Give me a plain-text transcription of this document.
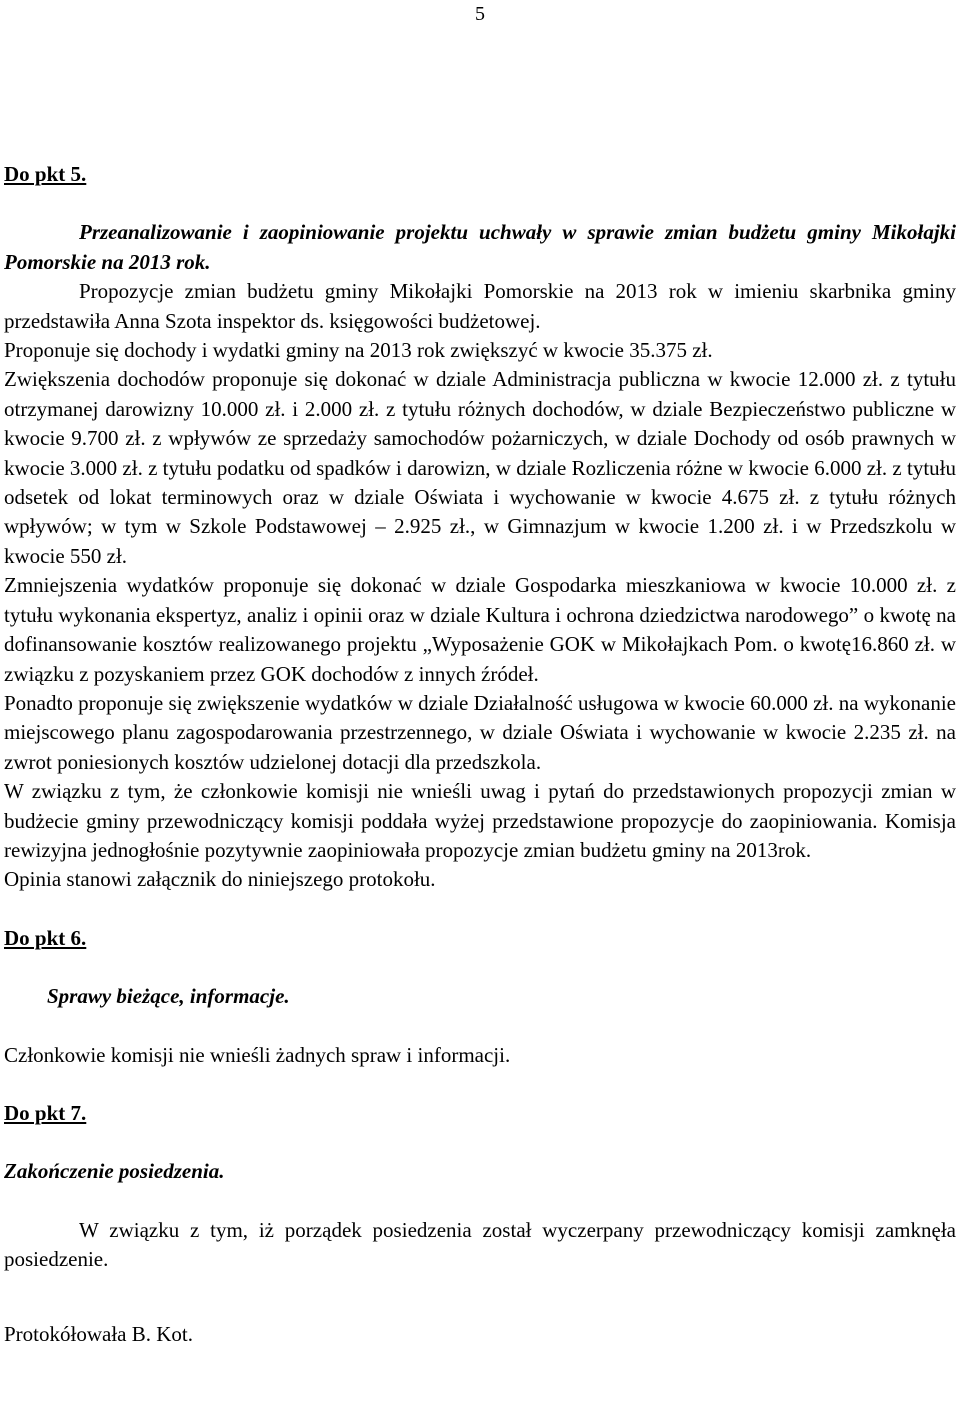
5

Do pkt 5.

Przeanalizowanie i zaopiniowanie projektu uchwały w sprawie zmian budżetu gminy Mikołajki Pomorskie na 2013 rok.

Propozycje zmian budżetu gminy Mikołajki Pomorskie na 2013 rok w imieniu skarbnika gminy przedstawiła Anna Szota inspektor ds. księgowości budżetowej.

Proponuje się dochody i wydatki gminy na 2013 rok zwiększyć w kwocie 35.375 zł.

Zwiększenia dochodów proponuje się dokonać w dziale Administracja publiczna w kwocie 12.000 zł. z tytułu otrzymanej darowizny 10.000 zł. i 2.000 zł. z tytułu różnych dochodów, w dziale Bezpieczeństwo publiczne w kwocie 9.700 zł. z wpływów ze sprzedaży samochodów pożarniczych, w dziale Dochody od osób prawnych w kwocie 3.000 zł. z tytułu podatku od spadków i darowizn, w dziale Rozliczenia różne w kwocie 6.000 zł. z tytułu odsetek od lokat terminowych oraz w dziale Oświata i wychowanie w kwocie 4.675 zł. z tytułu różnych wpływów; w tym w Szkole Podstawowej – 2.925 zł., w Gimnazjum w kwocie 1.200 zł. i w Przedszkolu w kwocie 550 zł.

Zmniejszenia wydatków proponuje się dokonać w dziale Gospodarka mieszkaniowa w kwocie 10.000 zł. z tytułu wykonania ekspertyz, analiz i opinii oraz w dziale Kultura i ochrona dziedzictwa narodowego” o kwotę na dofinansowanie kosztów realizowanego projektu „Wyposażenie GOK w Mikołajkach Pom. o kwotę16.860 zł. w związku z pozyskaniem przez GOK dochodów z innych źródeł.

Ponadto proponuje się zwiększenie wydatków w dziale Działalność usługowa w kwocie 60.000 zł. na wykonanie miejscowego planu zagospodarowania przestrzennego, w dziale Oświata i wychowanie w kwocie 2.235 zł. na zwrot poniesionych kosztów udzielonej dotacji dla przedszkola.

W związku z tym, że członkowie komisji nie wnieśli uwag i pytań do przedstawionych propozycji zmian w budżecie gminy przewodniczący komisji poddała wyżej przedstawione propozycje do zaopiniowania. Komisja rewizyjna jednogłośnie pozytywnie zaopiniowała propozycje zmian budżetu gminy na 2013rok.

Opinia stanowi załącznik do niniejszego protokołu.

Do pkt 6.

Sprawy bieżące, informacje.

Członkowie komisji nie wnieśli żadnych spraw i informacji.

Do pkt 7.

Zakończenie posiedzenia.

W związku z tym, iż porządek posiedzenia został wyczerpany przewodniczący komisji zamknęła posiedzenie.

Protokółowała B. Kot.
